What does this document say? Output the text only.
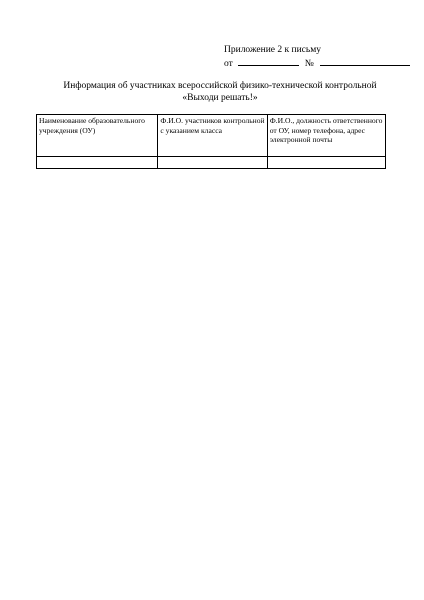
Приложение 2 к письму
от	№
Информация об участниках всероссийской физико-технической контрольной
«Выходи решать!»
Наименование образовательного учреждения (ОУ)	Ф.И.О. участников контрольной с указанием класса	Ф.И.О., должность ответственного от ОУ, номер телефона, адрес электронной почты
